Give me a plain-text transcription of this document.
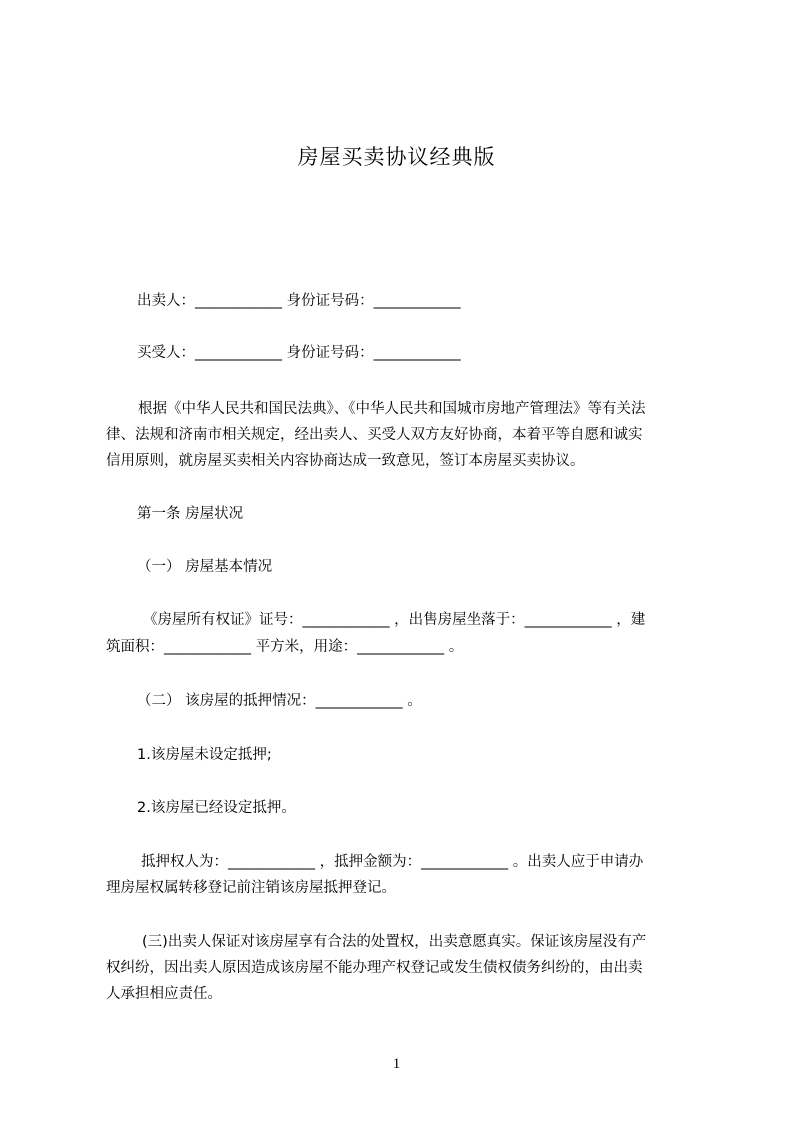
房屋买卖协议经典版
出卖人：____________ 身份证号码：____________
买受人：____________ 身份证号码：____________
根据《中华人民共和国民法典》、《中华人民共和国城市房地产管理法》等有关法
律、法规和济南市相关规定，经出卖人、买受人双方友好协商，本着平等自愿和诚实
信用原则，就房屋买卖相关内容协商达成一致意见，签订本房屋买卖协议。
第一条 房屋状况
（一） 房屋基本情况
《房屋所有权证》证号：____________ ，出售房屋坐落于：____________ ，建
筑面积：____________ 平方米，用途：____________ 。
（二） 该房屋的抵押情况：____________ 。
1.该房屋未设定抵押;
2.该房屋已经设定抵押。
抵押权人为：____________ ，抵押金额为：____________ 。出卖人应于申请办
理房屋权属转移登记前注销该房屋抵押登记。
(三)出卖人保证对该房屋享有合法的处置权，出卖意愿真实。保证该房屋没有产
权纠纷，因出卖人原因造成该房屋不能办理产权登记或发生债权债务纠纷的，由出卖
人承担相应责任。
1
